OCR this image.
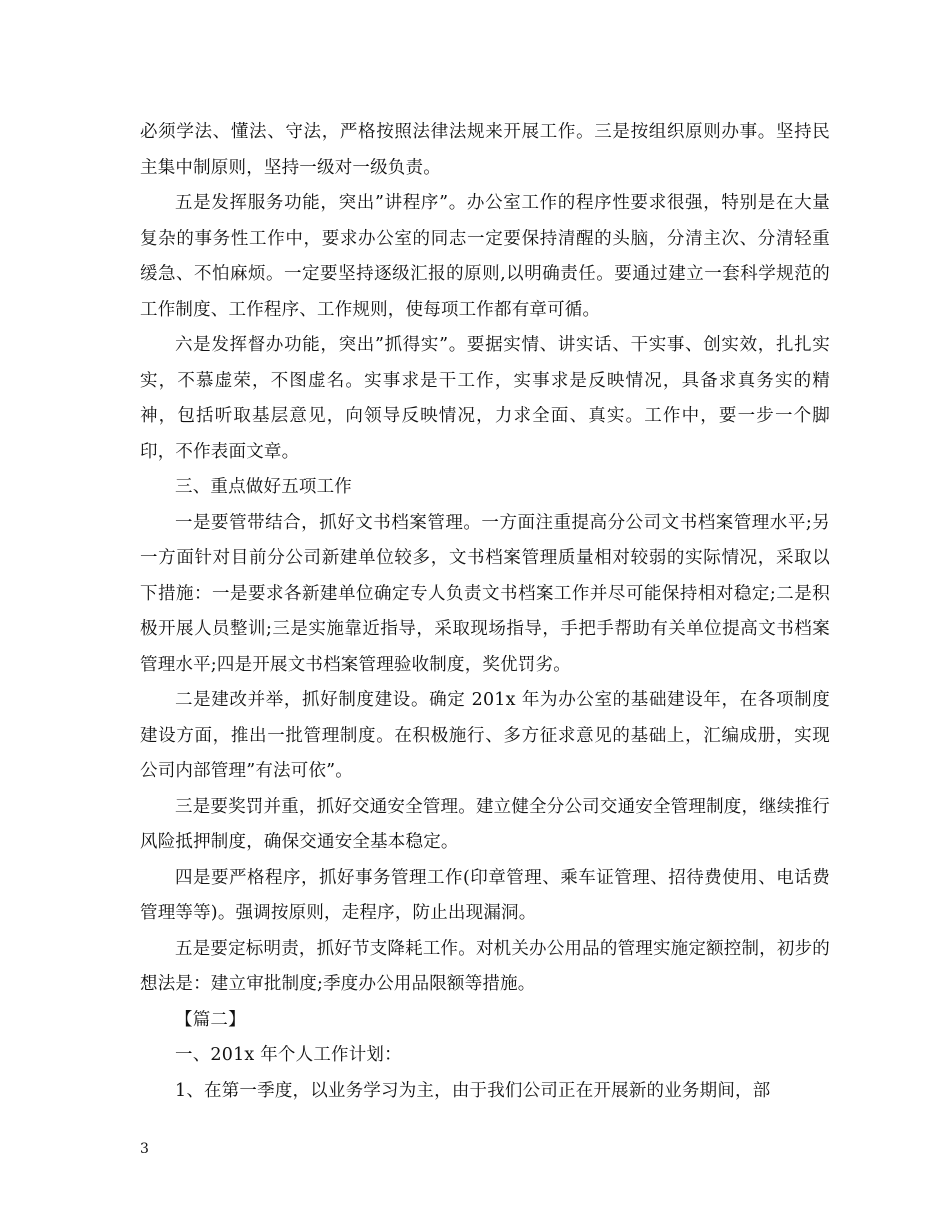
必须学法、懂法、守法，严格按照法律法规来开展工作。三是按组织原则办事。坚持民主集中制原则，坚持一级对一级负责。

五是发挥服务功能，突出”讲程序”。办公室工作的程序性要求很强，特别是在大量复杂的事务性工作中，要求办公室的同志一定要保持清醒的头脑，分清主次、分清轻重缓急、不怕麻烦。一定要坚持逐级汇报的原则,以明确责任。要通过建立一套科学规范的工作制度、工作程序、工作规则，使每项工作都有章可循。

六是发挥督办功能，突出”抓得实”。要据实情、讲实话、干实事、创实效，扎扎实实，不慕虚荣，不图虚名。实事求是干工作，实事求是反映情况，具备求真务实的精神，包括听取基层意见，向领导反映情况，力求全面、真实。工作中，要一步一个脚印，不作表面文章。

三、重点做好五项工作

一是要管带结合，抓好文书档案管理。一方面注重提高分公司文书档案管理水平;另一方面针对目前分公司新建单位较多，文书档案管理质量相对较弱的实际情况，采取以下措施：一是要求各新建单位确定专人负责文书档案工作并尽可能保持相对稳定;二是积极开展人员整训;三是实施靠近指导，采取现场指导，手把手帮助有关单位提高文书档案管理水平;四是开展文书档案管理验收制度，奖优罚劣。

二是建改并举，抓好制度建设。确定 201x 年为办公室的基础建设年，在各项制度建设方面，推出一批管理制度。在积极施行、多方征求意见的基础上，汇编成册，实现公司内部管理”有法可依”。

三是要奖罚并重，抓好交通安全管理。建立健全分公司交通安全管理制度，继续推行风险抵押制度，确保交通安全基本稳定。

四是要严格程序，抓好事务管理工作(印章管理、乘车证管理、招待费使用、电话费管理等等)。强调按原则，走程序，防止出现漏洞。

五是要定标明责，抓好节支降耗工作。对机关办公用品的管理实施定额控制，初步的想法是：建立审批制度;季度办公用品限额等措施。

【篇二】

一、201x 年个人工作计划：

1、在第一季度，以业务学习为主，由于我们公司正在开展新的业务期间，部

3
